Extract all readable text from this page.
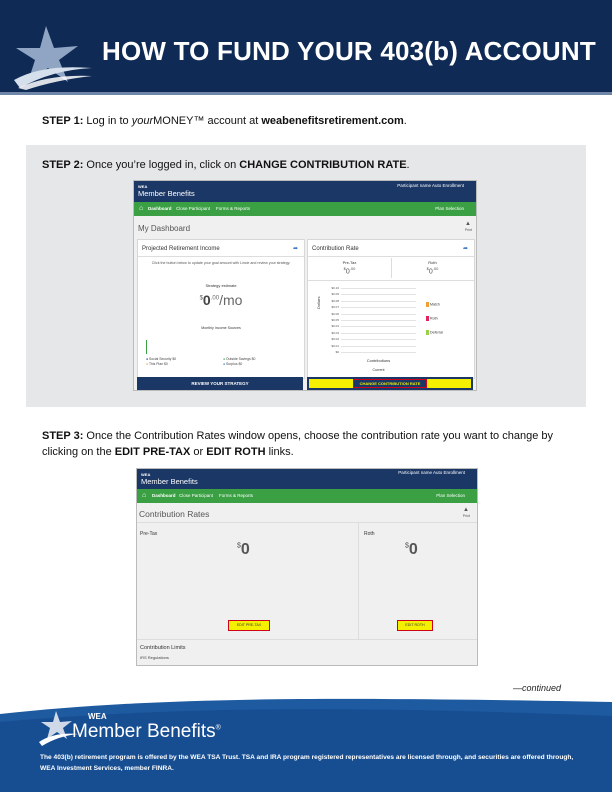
HOW TO FUND YOUR 403(b) ACCOUNT
STEP 1: Log in to yourMONEY™ account at weabenefitsretirement.com.
STEP 2: Once you’re logged in, click on CHANGE CONTRIBUTION RATE.
WEA
Member Benefits
Participant name Auto Enrollment
⌂ Dashboard Close Participant Forms & Reports	Plan Selection
My Dashboard	▲
Print
Projected Retirement Income	➦
Click the button below to update your goal amount with Lincie and review your strategy.
Strategy estimate
$^{\$}0^{.00}/mo$
Monthly Income Sources
● Social Security $0	● Outside Savings $0
● This Plan $0	● Surplus $0
REVIEW YOUR STRATEGY
Contribution Rate	➦
Pre-Tax
$^{\$}0^{.00}$
Roth
$^{\$}0^{.00}$
Dollars
$0.10
$0.09
$0.08
$0.07
$0.06
$0.05
$0.04
$0.03
$0.02
$0.01
$0
Contributions
Current
Match
Roth
Deferral
CHANGE CONTRIBUTION RATE
STEP 3: Once the Contribution Rates window opens, choose the contribution rate you want to change by clicking on the EDIT PRE-TAX or EDIT ROTH links.
WEA
Member Benefits
Participant name Auto Enrollment
⌂ Dashboard Close Participant Forms & Reports	Plan Selection
Contribution Rates	▲
Print
Pre-Tax	Roth
$0	$0
EDIT PRE-TAX	EDIT ROTH
Contribution Limits
IRS Regulations
—continued
WEA
Member Benefits®
The 403(b) retirement program is offered by the WEA TSA Trust. TSA and IRA program registered representatives are licensed through, and securities are offered through, WEA Investment Services, member FINRA.
